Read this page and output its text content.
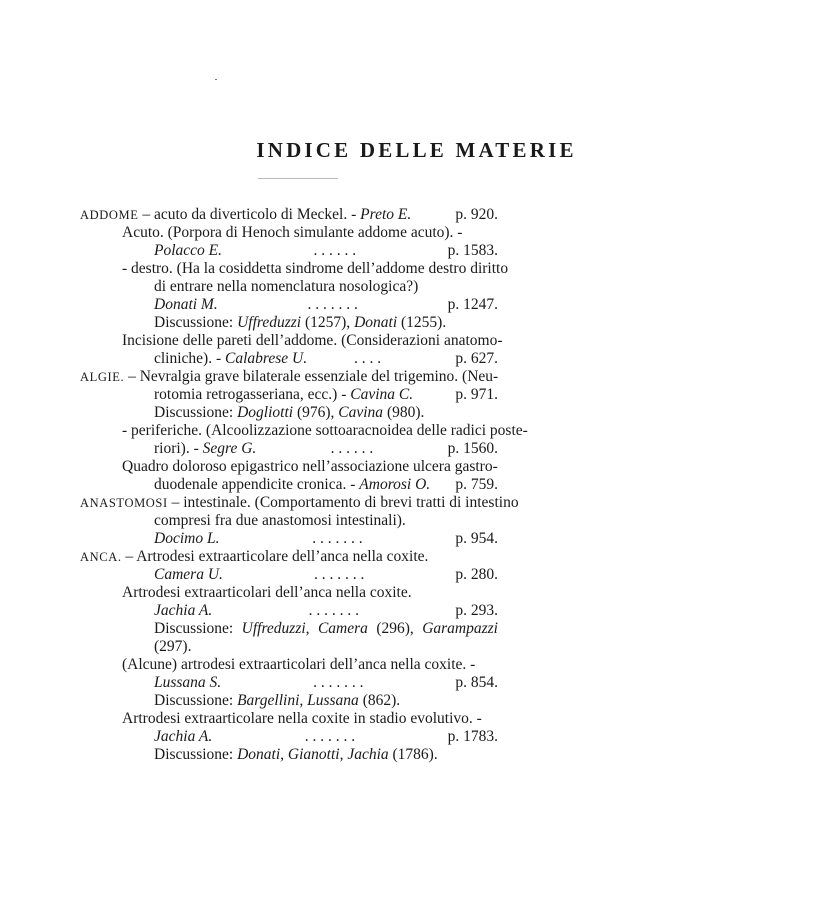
INDICE DELLE MATERIE
ADDOME – acuto da diverticolo di Meckel. - Preto E.	p. 920.
Acuto. (Porpora di Henoch simulante addome acuto). -
Polacco E.	. . . . . .	p. 1583.
- destro. (Ha la cosiddetta sindrome dell’addome destro diritto
di entrare nella nomenclatura nosologica?)
Donati M.	. . . . . . .	p. 1247.
Discussione: Uffreduzzi (1257), Donati (1255).
Incisione delle pareti dell’addome. (Considerazioni anatomo-
cliniche). - Calabrese U.	. . . .	p. 627.
ALGIE. – Nevralgia grave bilaterale essenziale del trigemino. (Neu-
rotomia retrogasseriana, ecc.) - Cavina C.	p. 971.
Discussione: Dogliotti (976), Cavina (980).
- periferiche. (Alcoolizzazione sottoaracnoidea delle radici poste-
riori). - Segre G.	. . . . . .	p. 1560.
Quadro doloroso epigastrico nell’associazione ulcera gastro-
duodenale appendicite cronica. - Amorosi O. p. 759.
ANASTOMOSI – intestinale. (Comportamento di brevi tratti di intestino
compresi fra due anastomosi intestinali).
Docimo L.	. . . . . . .	p. 954.
ANCA. – Artrodesi extraarticolare dell’anca nella coxite.
Camera U.	. . . . . . .	p. 280.
Artrodesi extraarticolari dell’anca nella coxite.
Jachia A.	. . . . . . .	p. 293.
Discussione: Uffreduzzi, Camera (296), Garampazzi
(297).
(Alcune) artrodesi extraarticolari dell’anca nella coxite. -
Lussana S.	. . . . . . .	p. 854.
Discussione: Bargellini, Lussana (862).
Artrodesi extraarticolare nella coxite in stadio evolutivo. -
Jachia A.	. . . . . . .	p. 1783.
Discussione: Donati, Gianotti, Jachia (1786).
